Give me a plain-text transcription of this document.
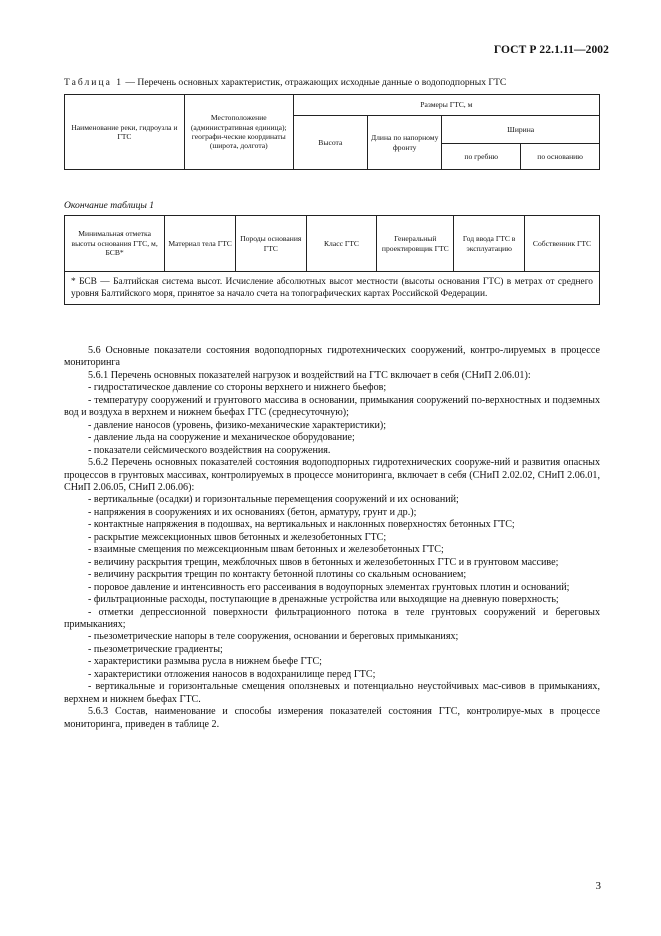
ГОСТ Р 22.1.11—2002
Таблица 1 — Перечень основных характеристик, отражающих исходные данные о водоподпорных ГТС
Наименование реки, гидроузла и ГТС	Местоположение (административная единица); географи-ческие координаты (широта, долгота)	Размеры ГТС, м			
		Высота	Длина по напорному фронту	Ширина	
				по гребню	по основанию
Окончание таблицы 1
Минимальная отметка высоты основания ГТС, м, БСВ*	Материал тела ГТС	Породы основания ГТС	Класс ГТС	Генеральный проектировщик ГТС	Год ввода ГТС в эксплуатацию	Собственник ГТС
* БСВ — Балтийская система высот. Исчисление абсолютных высот местности (высоты основания ГТС) в метрах от среднего уровня Балтийского моря, принятое за начало счета на топографических картах Российской Федерации.

5.6 Основные показатели состояния водоподпорных гидротехнических сооружений, контро-лируемых в процессе мониторинга

5.6.1 Перечень основных показателей нагрузок и воздействий на ГТС включает в себя (СНиП 2.06.01):

- гидростатическое давление со стороны верхнего и нижнего бьефов;

- температуру сооружений и грунтового массива в основании, примыкания сооружений по-верхностных и подземных вод и воздуха в верхнем и нижнем бьефах ГТС (среднесуточную);

- давление наносов (уровень, физико-механические характеристики);

- давление льда на сооружение и механическое оборудование;

- показатели сейсмического воздействия на сооружения.

5.6.2 Перечень основных показателей состояния водоподпорных гидротехнических сооруже-ний и развития опасных процессов в грунтовых массивах, контролируемых в процессе мониторинга, включает в себя (СНиП 2.02.02, СНиП 2.06.01, СНиП 2.06.05, СНиП 2.06.06):

- вертикальные (осадки) и горизонтальные перемещения сооружений и их оснований;

- напряжения в сооружениях и их основаниях (бетон, арматуру, грунт и др.);

- контактные напряжения в подошвах, на вертикальных и наклонных поверхностях бетонных ГТС;

- раскрытие межсекционных швов бетонных и железобетонных ГТС;

- взаимные смещения по межсекционным швам бетонных и железобетонных ГТС;

- величину раскрытия трещин, межблочных швов в бетонных и железобетонных ГТС и в грунтовом массиве;

- величину раскрытия трещин по контакту бетонной плотины со скальным основанием;

- поровое давление и интенсивность его рассеивания в водоупорных элементах грунтовых плотин и оснований;

- фильтрационные расходы, поступающие в дренажные устройства или выходящие на дневную поверхность;

- отметки депрессионной поверхности фильтрационного потока в теле грунтовых сооружений и береговых примыканиях;

- пьезометрические напоры в теле сооружения, основании и береговых примыканиях;

- пьезометрические градиенты;

- характеристики размыва русла в нижнем бьефе ГТС;

- характеристики отложения наносов в водохранилище перед ГТС;

- вертикальные и горизонтальные смещения оползневых и потенциально неустойчивых мас-сивов в примыканиях, верхнем и нижнем бьефах ГТС.

5.6.3 Состав, наименование и способы измерения показателей состояния ГТС, контролируе-мых в процессе мониторинга, приведен в таблице 2.

3
